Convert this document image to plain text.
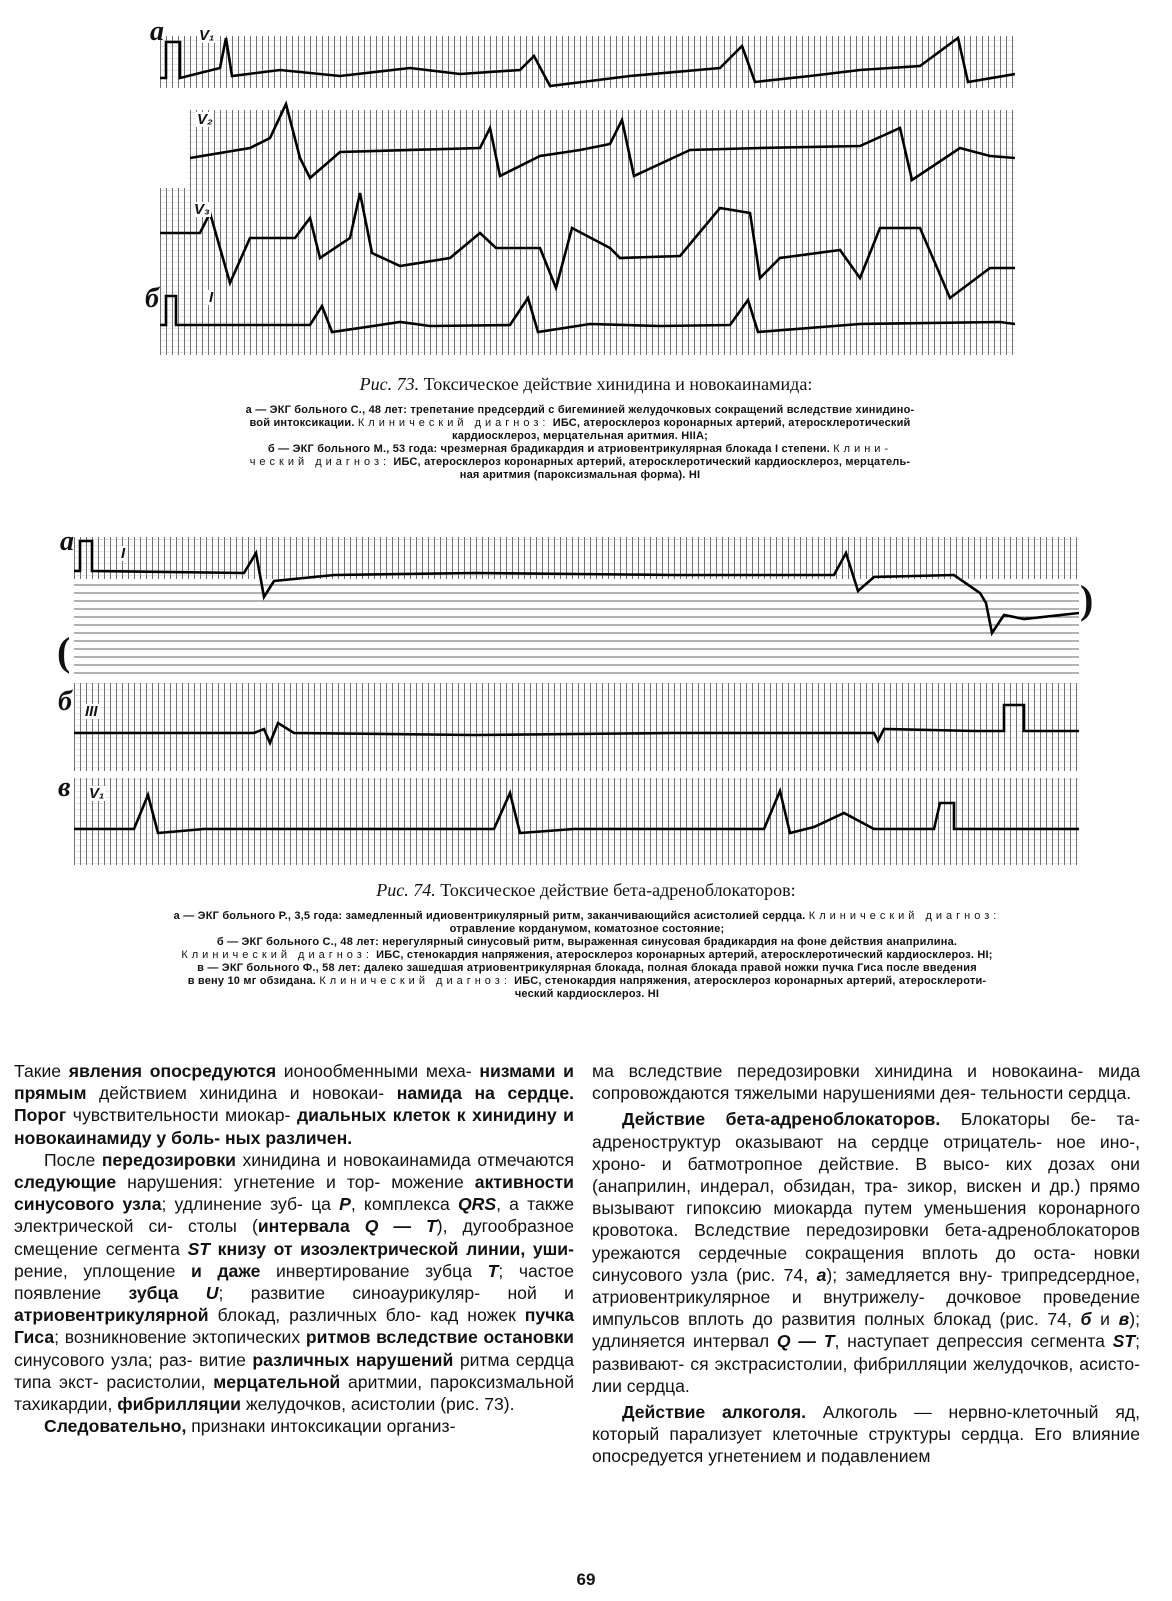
а V₁
V₂
V₃
б	I
Рис. 73. Токсическое действие хинидина и новокаинамида:
а — ЭКГ больного С., 48 лет: трепетание предсердий с бигеминией желудочковых сокращений вследствие хинидино-
вой интоксикации. Клинический диагноз: ИБС, атеросклероз коронарных артерий, атеросклеротический
кардиосклероз, мерцательная аритмия. HIIA;
б — ЭКГ больного М., 53 года: чрезмерная брадикардия и атриовентрикулярная блокада I степени. Клини-
ческий диагноз: ИБС, атеросклероз коронарных артерий, атеросклеротический кардиосклероз, мерцатель-
ная аритмия (пароксизмальная форма). HI
а	I
б III
в V₁
(
)
Рис. 74. Токсическое действие бета-адреноблокаторов:
а — ЭКГ больного Р., 3,5 года: замедленный идиовентрикулярный ритм, заканчивающийся асистолией сердца. Клинический диагноз:
отравление корданумом, коматозное состояние;
б — ЭКГ больного С., 48 лет: нерегулярный синусовый ритм, выраженная синусовая брадикардия на фоне действия анаприлина.
Клинический диагноз: ИБС, стенокардия напряжения, атеросклероз коронарных артерий, атеросклеротический кардиосклероз. HI;
в — ЭКГ больного Ф., 58 лет: далеко зашедшая атриовентрикулярная блокада, полная блокада правой ножки пучка Гиса после введения
в вену 10 мг обзидана. Клинический диагноз: ИБС, стенокардия напряжения, атеросклероз коронарных артерий, атеросклероти-
ческий кардиосклероз. HI

Такие явления опосредуются ионообменными меха- низмами и прямым действием хинидина и новокаи- намида на сердце. Порог чувствительности миокар- диальных клеток к хинидину и новокаинамиду у боль- ных различен.

После передозировки хинидина и новокаинамида отмечаются следующие нарушения: угнетение и тор- можение активности синусового узла; удлинение зуб- ца P, комплекса QRS, а также электрической си- столы (интервала Q — T), дугообразное смещение сегмента ST книзу от изоэлектрической линии, уши- рение, уплощение и даже инвертирование зубца T; частое появление зубца U; развитие синоаурикуляр- ной и атриовентрикулярной блокад, различных бло- кад ножек пучка Гиса; возникновение эктопических ритмов вследствие остановки синусового узла; раз- витие различных нарушений ритма сердца типа экст- расистолии, мерцательной аритмии, пароксизмальной тахикардии, фибрилляции желудочков, асистолии (рис. 73).

Следовательно, признаки интоксикации организ-

ма вследствие передозировки хинидина и новокаина- мида сопровождаются тяжелыми нарушениями дея- тельности сердца.

Действие бета-адреноблокаторов. Блокаторы бе- та-адреноструктур оказывают на сердце отрицатель- ное ино-, хроно- и батмотропное действие. В высо- ких дозах они (анаприлин, индерал, обзидан, тра- зикор, вискен и др.) прямо вызывают гипоксию миокарда путем уменьшения коронарного кровотока. Вследствие передозировки бета-адреноблокаторов урежаются сердечные сокращения вплоть до оста- новки синусового узла (рис. 74, а); замедляется вну- трипредсердное, атриовентрикулярное и внутрижелу- дочковое проведение импульсов вплоть до развития полных блокад (рис. 74, б и в); удлиняется интервал Q — T, наступает депрессия сегмента ST; развивают- ся экстрасистолии, фибрилляции желудочков, асисто- лии сердца.

Действие алкоголя. Алкоголь — нервно-клеточный яд, который парализует клеточные структуры сердца. Его влияние опосредуется угнетением и подавлением

69
